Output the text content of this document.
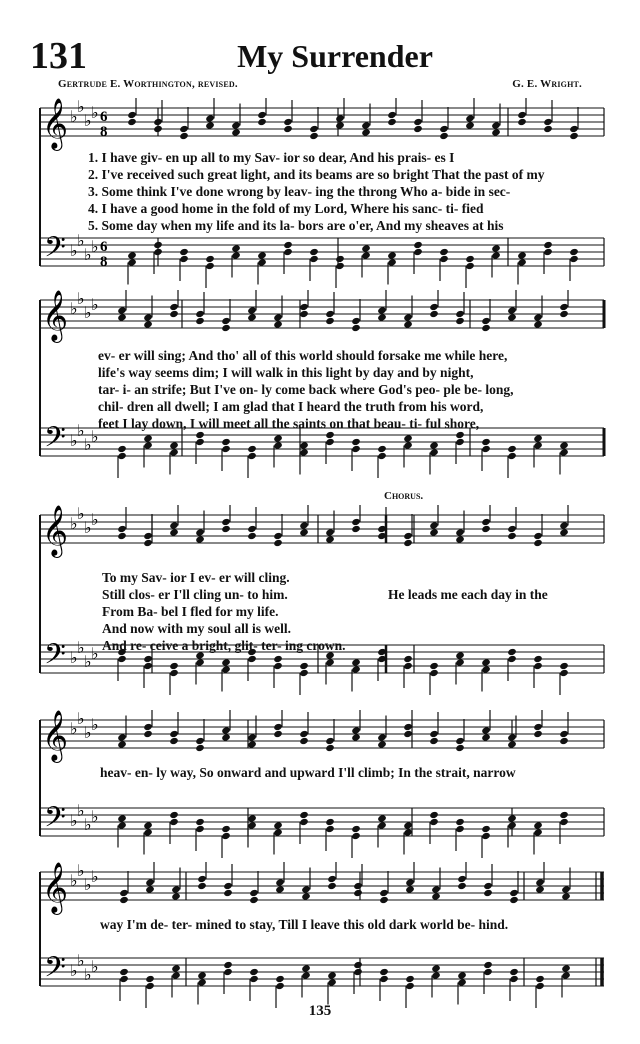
131	My Surrender
Gertrude E. Worthington, revised.	G. E. Wright.
𝄞
𝄢
♭
♭
♭ ♭
♭
♭
♭ ♭
6
8
6
8
1. I have giv- en up all to my Sav- ior so dear, And his prais- es I
2. I've received such great light, and its beams are so bright That the past of my
3. Some think I've done wrong by leav- ing the throng Who a- bide in sec-
4. I have a good home in the fold of my Lord, Where his sanc- ti- fied
5. Some day when my life and its la- bors are o'er, And my sheaves at his
𝄞
𝄢
♭
♭
♭ ♭
♭
♭
♭ ♭
ev- er will sing; And tho' all of this world should forsake me while here,
life's way seems dim; I will walk in this light by day and by night,
tar- i- an strife; But I've on- ly come back where God's peo- ple be- long,
chil- dren all dwell; I am glad that I heard the truth from his word,
feet I lay down, I will meet all the saints on that beau- ti- ful shore,
Chorus.
𝄞
𝄢
♭
♭
♭ ♭
♭
♭
♭ ♭
To my Sav- ior I ev- er will cling.
Still clos- er I'll cling un- to him.
From Ba- bel I fled for my life.
And now with my soul all is well.
And re- ceive a bright, glit- ter- ing crown.
He leads me each day in the
𝄞
𝄢
♭
♭
♭ ♭
♭
♭
♭ ♭
heav- en- ly way, So onward and upward I'll climb; In the strait, narrow
𝄞
𝄢
♭
♭
♭ ♭
♭
♭
♭ ♭
way I'm de- ter- mined to stay, Till I leave this old dark world be- hind.
135
